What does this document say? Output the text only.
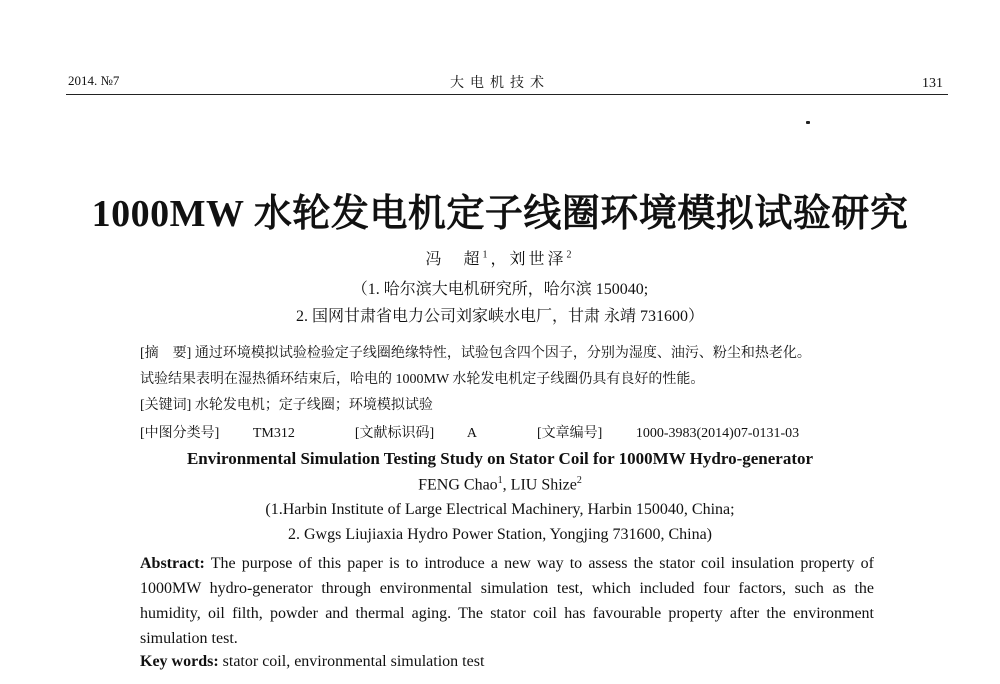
2014. №7	大电机技术	131
1000MW 水轮发电机定子线圈环境模拟试验研究
冯　超$^1$，刘世泽$^2$
（1. 哈尔滨大电机研究所，哈尔滨 150040;
2. 国网甘肃省电力公司刘家峡水电厂，甘肃 永靖 731600）
[摘　要] 通过环境模拟试验检验定子线圈绝缘特性，试验包含四个因子，分别为湿度、油污、粉尘和热老化。
试验结果表明在湿热循环结束后，哈电的 1000MW 水轮发电机定子线圈仍具有良好的性能。
[关键词] 水轮发电机；定子线圈；环境模拟试验
[中图分类号] TM312	[文献标识码] A	[文章编号] 1000-3983(2014)07-0131-03
Environmental Simulation Testing Study on Stator Coil for 1000MW Hydro-generator
FENG Chao$^1$, LIU Shize$^2$
(1.Harbin Institute of Large Electrical Machinery, Harbin 150040, China;
2. Gwgs Liujiaxia Hydro Power Station, Yongjing 731600, China)
Abstract: The purpose of this paper is to introduce a new way to assess the stator coil insulation property of 1000MW hydro-generator through environmental simulation test, which included four factors, such as the humidity, oil filth, powder and thermal aging. The stator coil has favourable property after the environment simulation test.
Key words: stator coil, environmental simulation test
